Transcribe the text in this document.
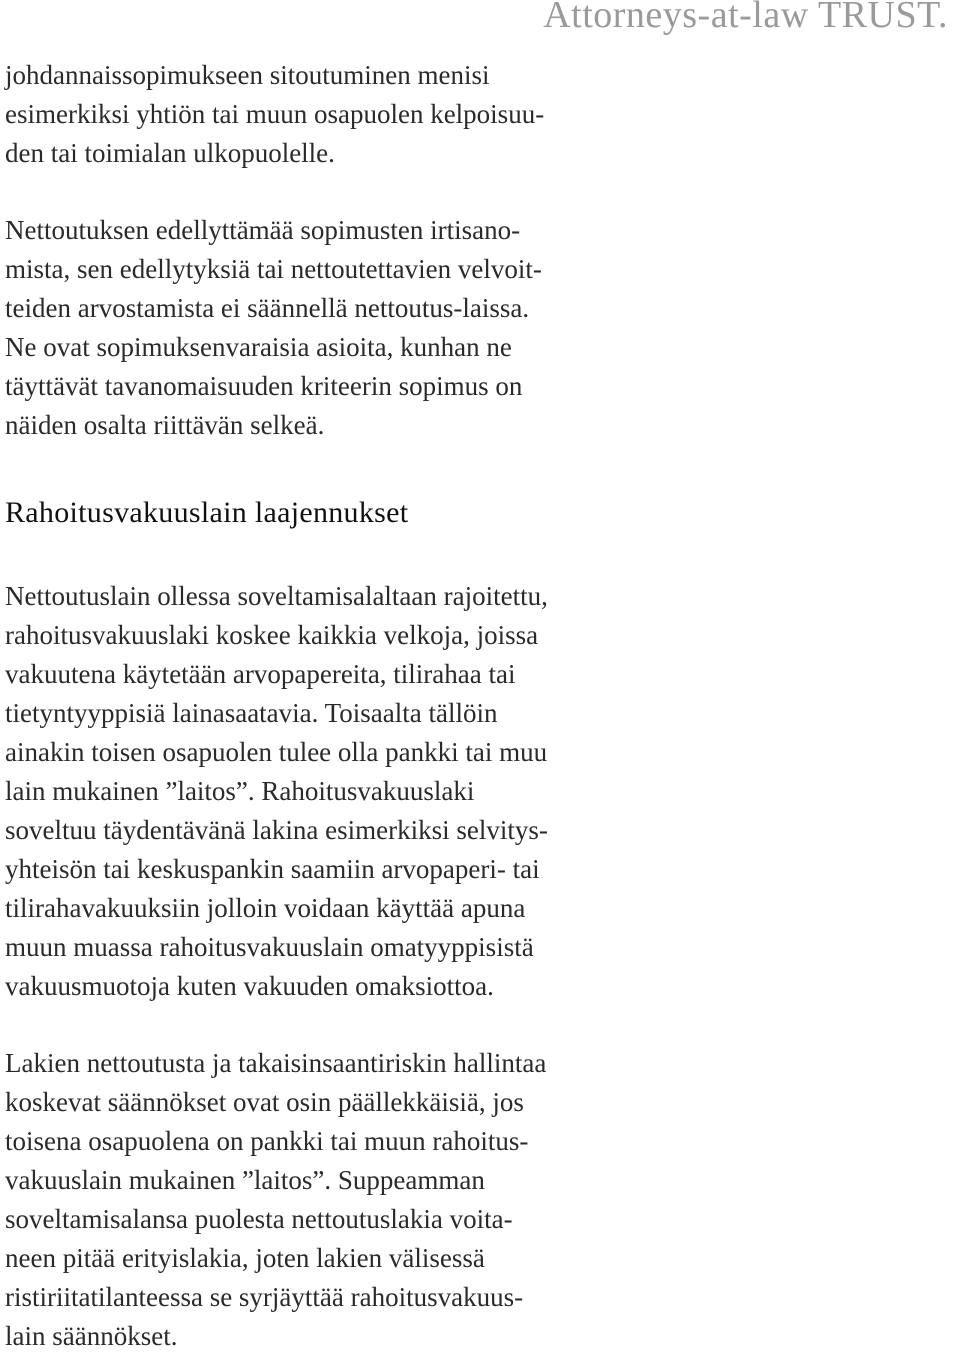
Attorneys-at-law TRUST.

johdannaissopimukseen sitoutuminen menisi
esimerkiksi yhtiön tai muun osapuolen kelpoisuu-
den tai toimialan ulkopuolelle.

Nettoutuksen edellyttämää sopimusten irtisano-
mista, sen edellytyksiä tai nettoutettavien velvoit-
teiden arvostamista ei säännellä nettoutus-laissa.
Ne ovat sopimuksenvaraisia asioita, kunhan ne
täyttävät tavanomaisuuden kriteerin sopimus on
näiden osalta riittävän selkeä.

Rahoitusvakuuslain laajennukset

Nettoutuslain ollessa soveltamisalaltaan rajoitettu,
rahoitusvakuuslaki koskee kaikkia velkoja, joissa
vakuutena käytetään arvopapereita, tilirahaa tai
tietyntyyppisiä lainasaatavia. Toisaalta tällöin
ainakin toisen osapuolen tulee olla pankki tai muu
lain mukainen ”laitos”. Rahoitusvakuuslaki
soveltuu täydentävänä lakina esimerkiksi selvitys-
yhteisön tai keskuspankin saamiin arvopaperi- tai
tilirahavakuuksiin jolloin voidaan käyttää apuna
muun muassa rahoitusvakuuslain omatyyppisistä
vakuusmuotoja kuten vakuuden omaksiottoa.

Lakien nettoutusta ja takaisinsaantiriskin hallintaa
koskevat säännökset ovat osin päällekkäisiä, jos
toisena osapuolena on pankki tai muun rahoitus-
vakuuslain mukainen ”laitos”. Suppeamman
soveltamisalansa puolesta nettoutuslakia voita-
neen pitää erityislakia, joten lakien välisessä
ristiriitatilanteessa se syrjäyttää rahoitusvakuus-
lain säännökset.
